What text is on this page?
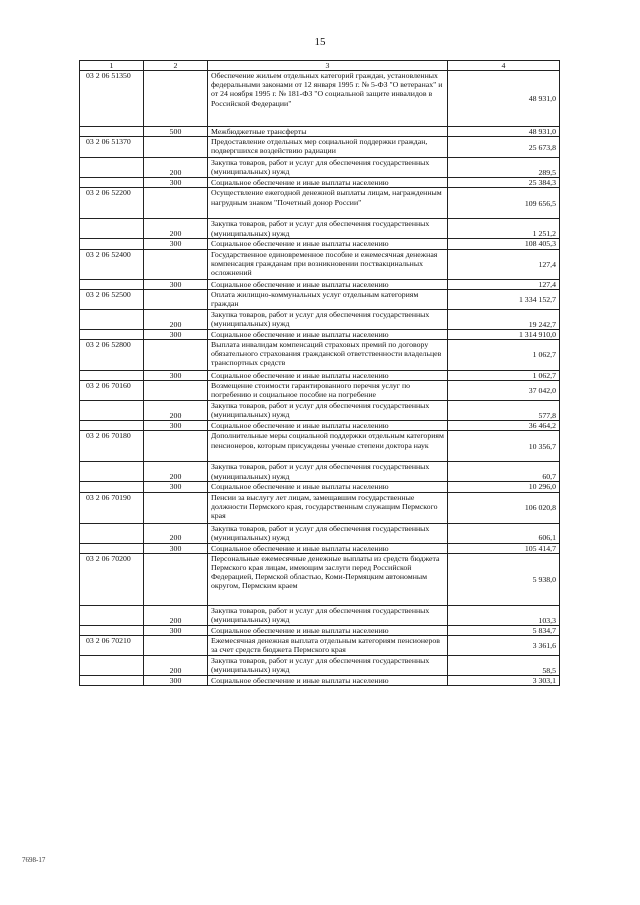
15
1	2	3	4
03 2 06 51350		Обеспечение жильем отдельных категорий граждан, установленных федеральными законами от 12 января 1995 г. № 5-ФЗ "О ветеранах" и от 24 ноября 1995 г. № 181-ФЗ "О социальной защите инвалидов в Российской Федерации"	48 931,0
	500	Межбюджетные трансферты	48 931,0
03 2 06 51370		Предоставление отдельных мер социальной поддержки граждан, подвергшихся воздействию радиации	25 673,8
	200	Закупка товаров, работ и услуг для обеспечения государственных (муниципальных) нужд	289,5
	300	Социальное обеспечение и иные выплаты населению	25 384,3
03 2 06 52200		Осуществление ежегодной денежной выплаты лицам, награжденным нагрудным знаком "Почетный донор России"	109 656,5
	200	Закупка товаров, работ и услуг для обеспечения государственных (муниципальных) нужд	1 251,2
	300	Социальное обеспечение и иные выплаты населению	108 405,3
03 2 06 52400		Государственное единовременное пособие и ежемесячная денежная компенсация гражданам при возникновении поствакцинальных осложнений	127,4
	300	Социальное обеспечение и иные выплаты населению	127,4
03 2 06 52500		Оплата жилищно-коммунальных услуг отдельным категориям граждан	1 334 152,7
	200	Закупка товаров, работ и услуг для обеспечения государственных (муниципальных) нужд	19 242,7
	300	Социальное обеспечение и иные выплаты населению	1 314 910,0
03 2 06 52800		Выплата инвалидам компенсаций страховых премий по договору обязательного страхования гражданской ответственности владельцев транспортных средств	1 062,7
	300	Социальное обеспечение и иные выплаты населению	1 062,7
03 2 06 70160		Возмещение стоимости гарантированного перечня услуг по погребению и социальное пособие на погребение	37 042,0
	200	Закупка товаров, работ и услуг для обеспечения государственных (муниципальных) нужд	577,8
	300	Социальное обеспечение и иные выплаты населению	36 464,2
03 2 06 70180		Дополнительные меры социальной поддержки отдельным категориям пенсионеров, которым присуждены ученые степени доктора наук	10 356,7
	200	Закупка товаров, работ и услуг для обеспечения государственных (муниципальных) нужд	60,7
	300	Социальное обеспечение и иные выплаты населению	10 296,0
03 2 06 70190		Пенсии за выслугу лет лицам, замещавшим государственные должности Пермского края, государственным служащим Пермского края	106 020,8
	200	Закупка товаров, работ и услуг для обеспечения государственных (муниципальных) нужд	606,1
	300	Социальное обеспечение и иные выплаты населению	105 414,7
03 2 06 70200		Персональные ежемесячные денежные выплаты из средств бюджета Пермского края лицам, имеющим заслуги перед Российской Федерацией, Пермской областью, Коми-Пермяцким автономным округом, Пермским краем	5 938,0
	200	Закупка товаров, работ и услуг для обеспечения государственных (муниципальных) нужд	103,3
	300	Социальное обеспечение и иные выплаты населению	5 834,7
03 2 06 70210		Ежемесячная денежная выплата отдельным категориям пенсионеров за счет средств бюджета Пермского края	3 361,6
	200	Закупка товаров, работ и услуг для обеспечения государственных (муниципальных) нужд	58,5
	300	Социальное обеспечение и иные выплаты населению	3 303,1
7698-17
